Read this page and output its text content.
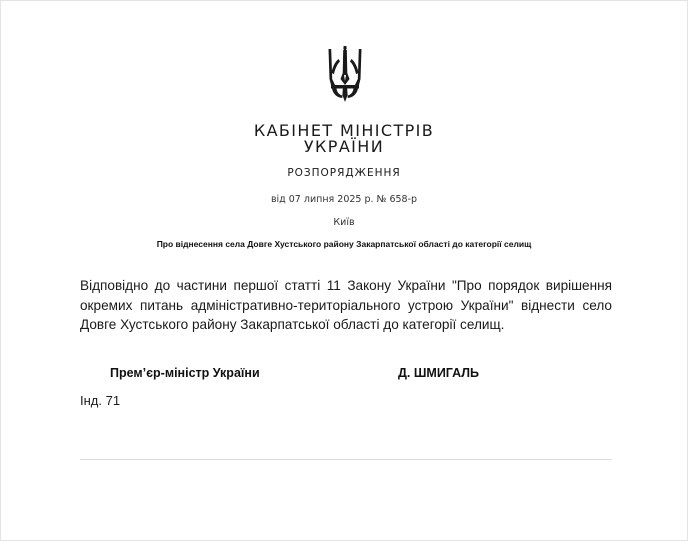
КАБІНЕТ МІНІСТРІВ
УКРАЇНИ
РОЗПОРЯДЖЕННЯ
від 07 липня 2025 р. № 658-р
Київ
Про віднесення села Довге Хустського району Закарпатської області до категорії селищ
Відповідно до частини першої статті 11 Закону України "Про порядок вирішення окремих питань адміністративно-територіального устрою України" віднести село Довге Хустського району Закарпатської області до категорії селищ.
Прем’єр-міністр України	Д. ШМИГАЛЬ
Інд. 71
